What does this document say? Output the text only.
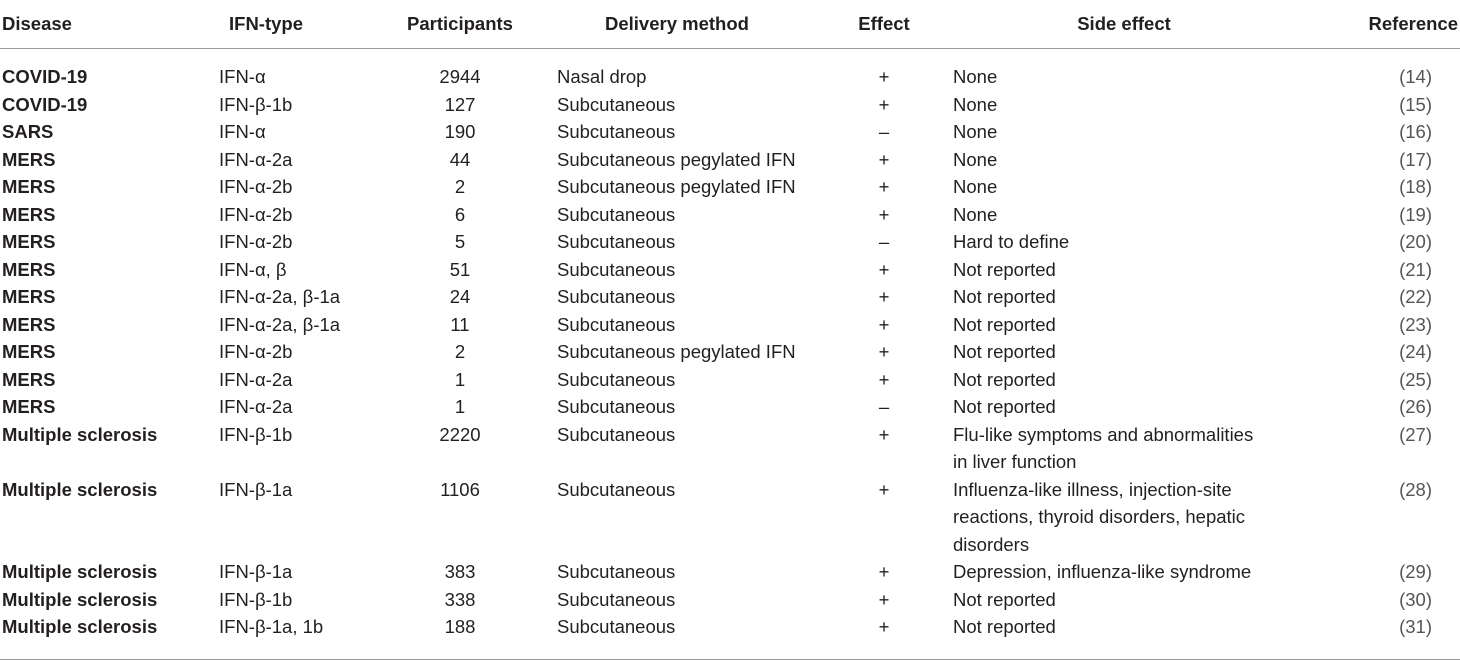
Disease	IFN-type	Participants	Delivery method	Effect	Side effect	Reference
COVID-19	IFN-α	2944	Nasal drop	+	None	(14)
COVID-19	IFN-β-1b	127	Subcutaneous	+	None	(15)
SARS	IFN-α	190	Subcutaneous	–	None	(16)
MERS	IFN-α-2a	44	Subcutaneous pegylated IFN	+	None	(17)
MERS	IFN-α-2b	2	Subcutaneous pegylated IFN	+	None	(18)
MERS	IFN-α-2b	6	Subcutaneous	+	None	(19)
MERS	IFN-α-2b	5	Subcutaneous	–	Hard to define	(20)
MERS	IFN-α, β	51	Subcutaneous	+	Not reported	(21)
MERS	IFN-α-2a, β-1a	24	Subcutaneous	+	Not reported	(22)
MERS	IFN-α-2a, β-1a	11	Subcutaneous	+	Not reported	(23)
MERS	IFN-α-2b	2	Subcutaneous pegylated IFN	+	Not reported	(24)
MERS	IFN-α-2a	1	Subcutaneous	+	Not reported	(25)
MERS	IFN-α-2a	1	Subcutaneous	–	Not reported	(26)
Multiple sclerosis	IFN-β-1b	2220	Subcutaneous	+	Flu-like symptoms and abnormalities in liver function	(27)
Multiple sclerosis	IFN-β-1a	1106	Subcutaneous	+	Influenza-like illness, injection-site reactions, thyroid disorders, hepatic disorders	(28)
Multiple sclerosis	IFN-β-1a	383	Subcutaneous	+	Depression, influenza-like syndrome	(29)
Multiple sclerosis	IFN-β-1b	338	Subcutaneous	+	Not reported	(30)
Multiple sclerosis	IFN-β-1a, 1b	188	Subcutaneous	+	Not reported	(31)
